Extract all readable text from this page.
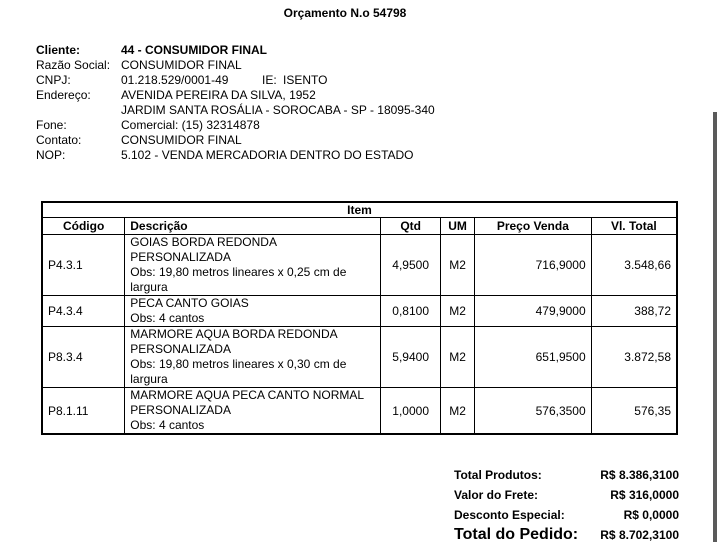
Orçamento N.o 54798
Cliente:	44 - CONSUMIDOR FINAL
Razão Social: CONSUMIDOR FINAL
CNPJ:	01.218.529/0001-49	IE: ISENTO
Endereço:	AVENIDA PEREIRA DA SILVA, 1952
JARDIM SANTA ROSÁLIA - SOROCABA - SP - 18095-340
Fone:	Comercial: (15) 32314878
Contato:	CONSUMIDOR FINAL
NOP:	5.102 - VENDA MERCADORIA DENTRO DO ESTADO
Item					
Código	Descrição	Qtd	UM	Preço Venda	Vl. Total
P4.3.1	GOIAS BORDA REDONDA
PERSONALIZADA
Obs: 19,80 metros lineares x 0,25 cm de
largura	4,9500	M2	716,9000	3.548,66
P4.3.4	PECA CANTO GOIAS
Obs: 4 cantos	0,8100	M2	479,9000	388,72
P8.3.4	MARMORE AQUA BORDA REDONDA
PERSONALIZADA
Obs: 19,80 metros lineares x 0,30 cm de
largura	5,9400	M2	651,9500	3.872,58
P8.1.11	MARMORE AQUA PECA CANTO NORMAL
PERSONALIZADA
Obs: 4 cantos	1,0000	M2	576,3500	576,35
Total Produtos:	R$ 8.386,3100
Valor do Frete:	R$ 316,0000
Desconto Especial:	R$ 0,0000
Total do Pedido: R$ 8.702,3100
